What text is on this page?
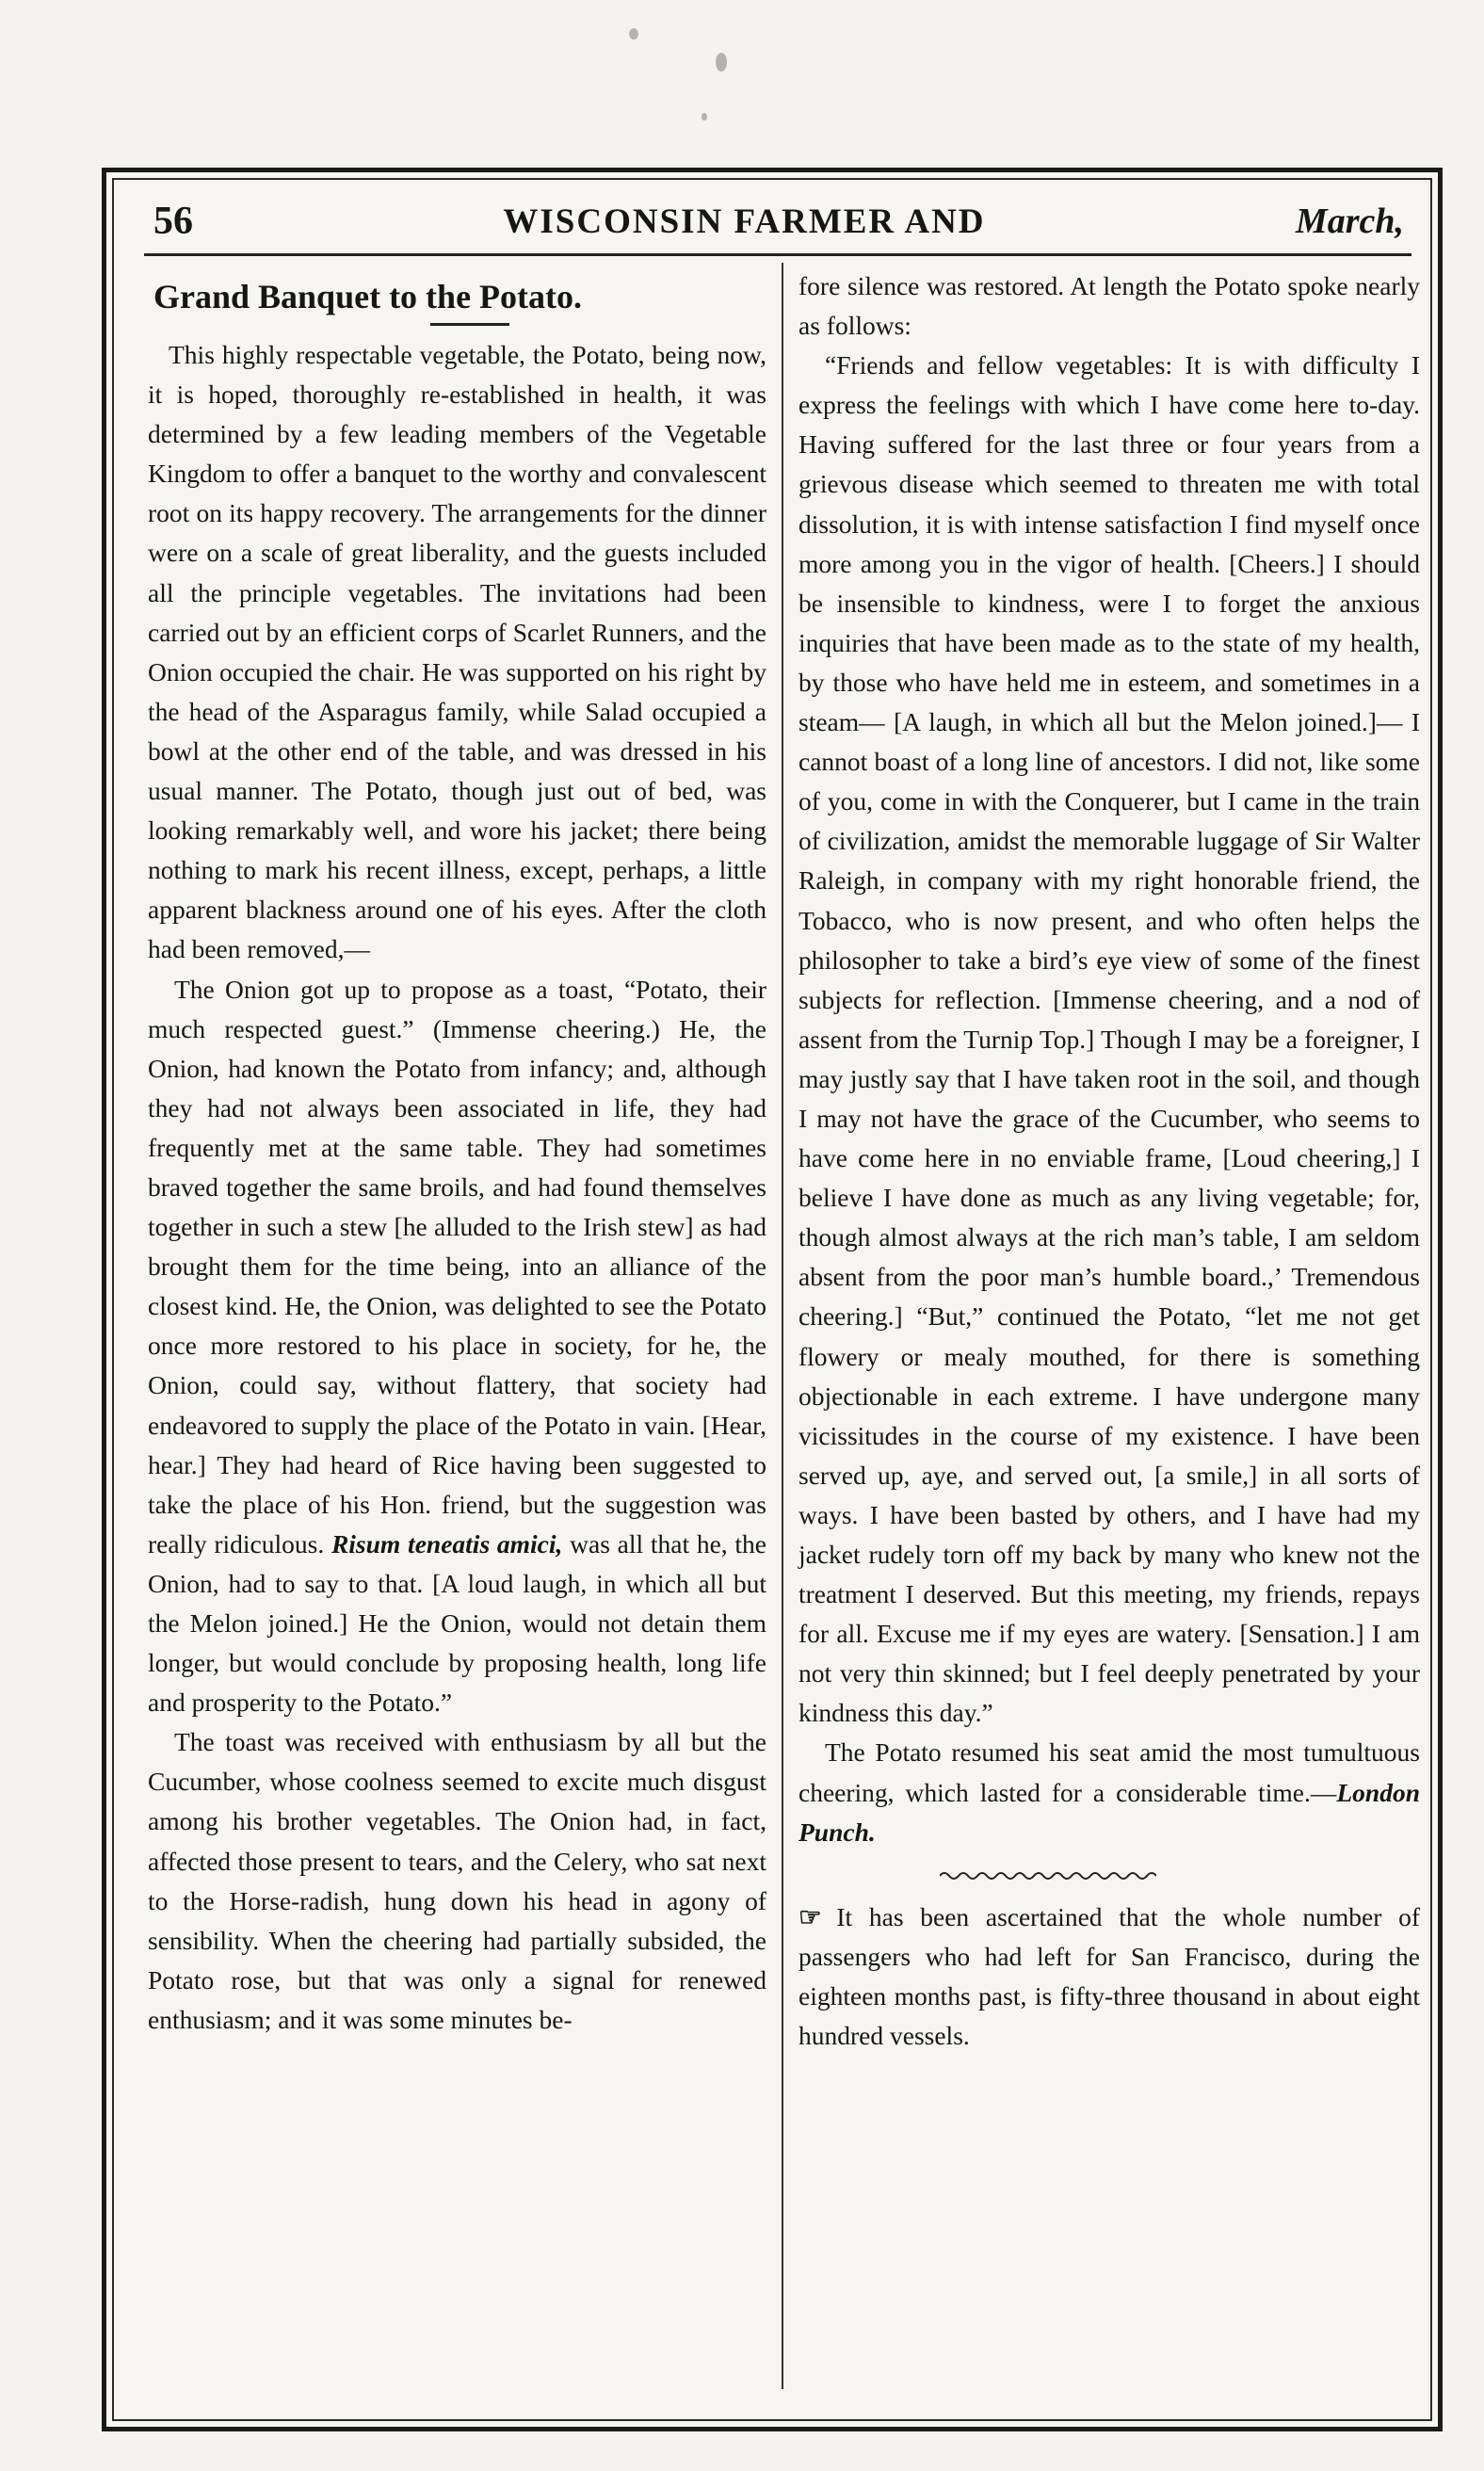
56	WISCONSIN FARMER AND	March,
Grand Banquet to the Potato.

This highly respectable vegetable, the Potato, being now, it is hoped, thoroughly re-established in health, it was determined by a few leading members of the Vegetable Kingdom to offer a banquet to the worthy and convalescent root on its happy recovery. The arrangements for the dinner were on a scale of great liberality, and the guests included all the principle vegetables. The invitations had been carried out by an efficient corps of Scarlet Runners, and the Onion occupied the chair. He was supported on his right by the head of the Asparagus family, while Salad occupied a bowl at the other end of the table, and was dressed in his usual manner. The Potato, though just out of bed, was looking remarkably well, and wore his jacket; there being nothing to mark his recent illness, except, perhaps, a little apparent blackness around one of his eyes. After the cloth had been removed,—

The Onion got up to propose as a toast, “Potato, their much respected guest.” (Immense cheering.) He, the Onion, had known the Potato from infancy; and, although they had not always been associated in life, they had frequently met at the same table. They had sometimes braved together the same broils, and had found themselves together in such a stew [he alluded to the Irish stew] as had brought them for the time being, into an alliance of the closest kind. He, the Onion, was delighted to see the Potato once more restored to his place in society, for he, the Onion, could say, without flattery, that society had endeavored to supply the place of the Potato in vain. [Hear, hear.] They had heard of Rice having been suggested to take the place of his Hon. friend, but the suggestion was really ridiculous. Risum teneatis amici, was all that he, the Onion, had to say to that. [A loud laugh, in which all but the Melon joined.] He the Onion, would not detain them longer, but would conclude by proposing health, long life and prosperity to the Potato.”

The toast was received with enthusiasm by all but the Cucumber, whose coolness seemed to excite much disgust among his brother vegetables. The Onion had, in fact, affected those present to tears, and the Celery, who sat next to the Horse-radish, hung down his head in agony of sensibility. When the cheering had partially subsided, the Potato rose, but that was only a signal for renewed enthusiasm; and it was some minutes be-

fore silence was restored. At length the Potato spoke nearly as follows:

“Friends and fellow vegetables: It is with difficulty I express the feelings with which I have come here to-day. Having suffered for the last three or four years from a grievous disease which seemed to threaten me with total dissolution, it is with intense satisfaction I find myself once more among you in the vigor of health. [Cheers.] I should be insensible to kindness, were I to forget the anxious inquiries that have been made as to the state of my health, by those who have held me in esteem, and sometimes in a steam— [A laugh, in which all but the Melon joined.]— I cannot boast of a long line of ancestors. I did not, like some of you, come in with the Conquerer, but I came in the train of civilization, amidst the memorable luggage of Sir Walter Raleigh, in company with my right honorable friend, the Tobacco, who is now present, and who often helps the philosopher to take a bird’s eye view of some of the finest subjects for reflection. [Immense cheering, and a nod of assent from the Turnip Top.] Though I may be a foreigner, I may justly say that I have taken root in the soil, and though I may not have the grace of the Cucumber, who seems to have come here in no enviable frame, [Loud cheering,] I believe I have done as much as any living vegetable; for, though almost always at the rich man’s table, I am seldom absent from the poor man’s humble board.,’ Tremendous cheering.] “But,” continued the Potato, “let me not get flowery or mealy mouthed, for there is something objectionable in each extreme. I have undergone many vicissitudes in the course of my existence. I have been served up, aye, and served out, [a smile,] in all sorts of ways. I have been basted by others, and I have had my jacket rudely torn off my back by many who knew not the treatment I deserved. But this meeting, my friends, repays for all. Excuse me if my eyes are watery. [Sensation.] I am not very thin skinned; but I feel deeply penetrated by your kindness this day.”

The Potato resumed his seat amid the most tumultuous cheering, which lasted for a considerable time.—London Punch.

☞ It has been ascertained that the whole number of passengers who had left for San Francisco, during the eighteen months past, is fifty-three thousand in about eight hundred vessels.
